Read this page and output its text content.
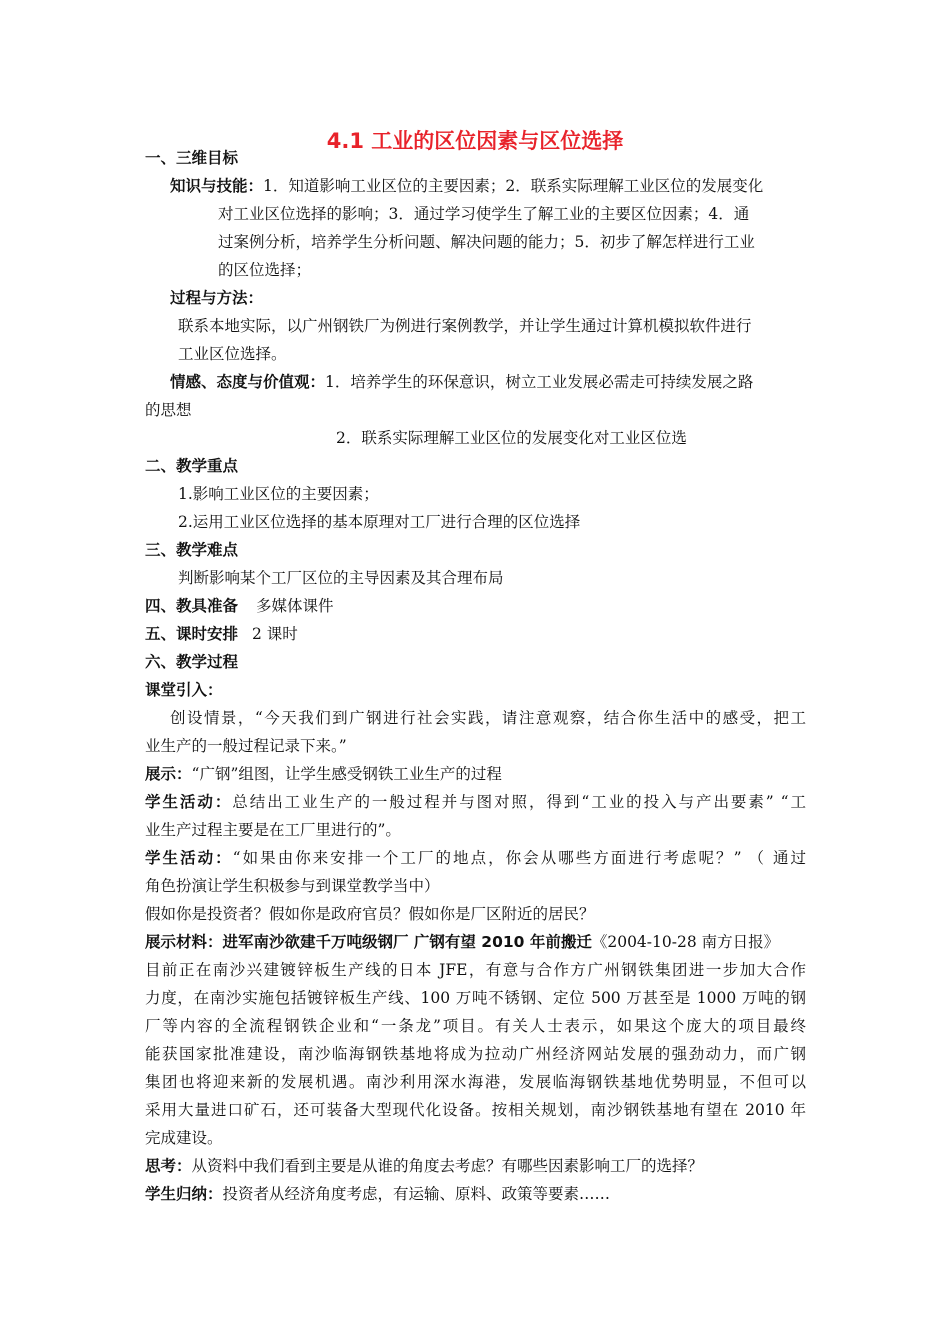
4.1 工业的区位因素与区位选择
一、三维目标
知识与技能：1．知道影响工业区位的主要因素；2．联系实际理解工业区位的发展变化
对工业区位选择的影响；3．通过学习使学生了解工业的主要区位因素；4．通
过案例分析，培养学生分析问题、解决问题的能力；5．初步了解怎样进行工业
的区位选择；
过程与方法：
联系本地实际，以广州钢铁厂为例进行案例教学，并让学生通过计算机模拟软件进行
工业区位选择。
情感、态度与价值观：1．培养学生的环保意识，树立工业发展必需走可持续发展之路
的思想
2．联系实际理解工业区位的发展变化对工业区位选
二、教学重点
1.影响工业区位的主要因素；
2.运用工业区位选择的基本原理对工厂进行合理的区位选择
三、教学难点
判断影响某个工厂区位的主导因素及其合理布局
四、教具准备 多媒体课件
五、课时安排 2 课时
六、教学过程
课堂引入：
创设情景，“今天我们到广钢进行社会实践，请注意观察，结合你生活中的感受，把工
业生产的一般过程记录下来。”
展示：“广钢”组图，让学生感受钢铁工业生产的过程
学生活动：总结出工业生产的一般过程并与图对照，得到“工业的投入与产出要素” “工
业生产过程主要是在工厂里进行的”。
学生活动：“如果由你来安排一个工厂的地点，你会从哪些方面进行考虑呢？” （ 通过
角色扮演让学生积极参与到课堂教学当中）
假如你是投资者？假如你是政府官员？假如你是厂区附近的居民？
展示材料：进军南沙欲建千万吨级钢厂 广钢有望 2010 年前搬迁《2004-10-28 南方日报》
目前正在南沙兴建镀锌板生产线的日本 JFE，有意与合作方广州钢铁集团进一步加大合作
力度，在南沙实施包括镀锌板生产线、100 万吨不锈钢、定位 500 万甚至是 1000 万吨的钢
厂等内容的全流程钢铁企业和“一条龙”项目。有关人士表示，如果这个庞大的项目最终
能获国家批准建设，南沙临海钢铁基地将成为拉动广州经济网站发展的强劲动力，而广钢
集团也将迎来新的发展机遇。南沙利用深水海港，发展临海钢铁基地优势明显，不但可以
采用大量进口矿石，还可装备大型现代化设备。按相关规划，南沙钢铁基地有望在 2010 年
完成建设。
思考：从资料中我们看到主要是从谁的角度去考虑？有哪些因素影响工厂的选择？
学生归纳：投资者从经济角度考虑，有运输、原料、政策等要素……
